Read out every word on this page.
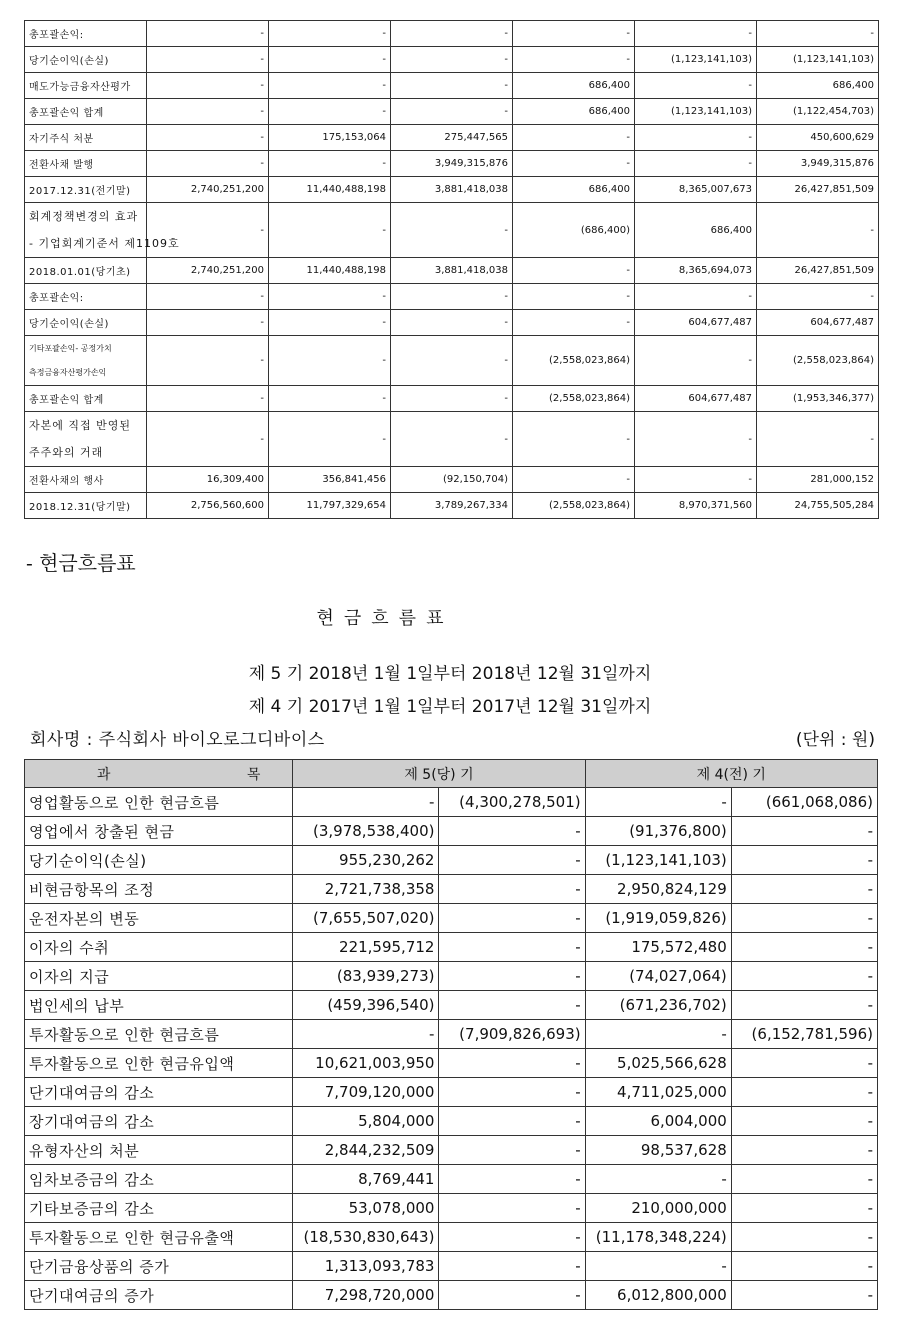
총포괄손익:	-	-	-	-	-	-
당기순이익(손실)	-	-	-	-	(1,123,141,103)	(1,123,141,103)
매도가능금융자산평가	-	-	-	686,400	-	686,400
총포괄손익 합계	-	-	-	686,400	(1,123,141,103)	(1,122,454,703)
자기주식 처분	-	175,153,064	275,447,565	-	-	450,600,629
전환사채 발행	-	-	3,949,315,876	-	-	3,949,315,876
2017.12.31(전기말)	2,740,251,200	11,440,488,198	3,881,418,038	686,400	8,365,007,673	26,427,851,509

회계정책변경의 효과
- 기업회계기준서 제1109호	-	-	-	(686,400)	686,400	-
2018.01.01(당기초)	2,740,251,200	11,440,488,198	3,881,418,038	-	8,365,694,073	26,427,851,509
총포괄손익:	-	-	-	-	-	-
당기순이익(손실)	-	-	-	-	604,677,487	604,677,487

기타포괄손익- 공정가치
측정금융자산평가손익	-	-	-	(2,558,023,864)	-	(2,558,023,864)
총포괄손익 합계	-	-	-	(2,558,023,864)	604,677,487	(1,953,346,377)

자본에 직접 반영된
주주와의 거래	-	-	-	-	-	-
전환사채의 행사	16,309,400	356,841,456	(92,150,704)	-	-	281,000,152
2018.12.31(당기말)	2,756,560,600	11,797,329,654	3,789,267,334	(2,558,023,864)	8,970,371,560	24,755,505,284
- 현금흐름표
현금흐름표

제 5 기 2018년 1월 1일부터 2018년 12월 31일까지

제 4 기 2017년 1월 1일부터 2017년 12월 31일까지

회사명 : 주식회사 바이오로그디바이스	(단위 : 원)
과 목	제 5(당) 기		제 4(전) 기	
영업활동으로 인한 현금흐름	-	(4,300,278,501)	-	(661,068,086)
영업에서 창출된 현금	(3,978,538,400)	-	(91,376,800)	-
당기순이익(손실)	955,230,262	-	(1,123,141,103)	-
비현금항목의 조정	2,721,738,358	-	2,950,824,129	-
운전자본의 변동	(7,655,507,020)	-	(1,919,059,826)	-
이자의 수취	221,595,712	-	175,572,480	-
이자의 지급	(83,939,273)	-	(74,027,064)	-
법인세의 납부	(459,396,540)	-	(671,236,702)	-
투자활동으로 인한 현금흐름	-	(7,909,826,693)	-	(6,152,781,596)
투자활동으로 인한 현금유입액	10,621,003,950	-	5,025,566,628	-
단기대여금의 감소	7,709,120,000	-	4,711,025,000	-
장기대여금의 감소	5,804,000	-	6,004,000	-
유형자산의 처분	2,844,232,509	-	98,537,628	-
임차보증금의 감소	8,769,441	-	-	-
기타보증금의 감소	53,078,000	-	210,000,000	-
투자활동으로 인한 현금유출액	(18,530,830,643)	-	(11,178,348,224)	-
단기금융상품의 증가	1,313,093,783	-	-	-
단기대여금의 증가	7,298,720,000	-	6,012,800,000	-
